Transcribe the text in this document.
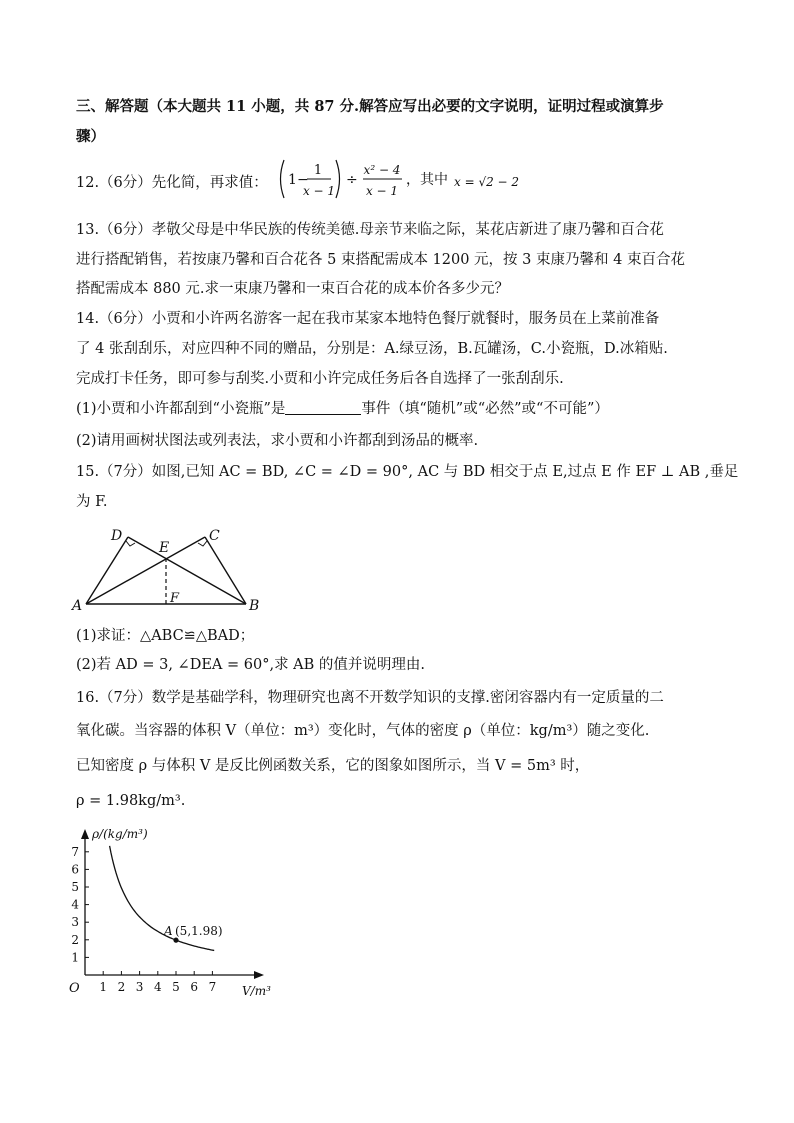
三、解答题（本大题共 11 小题，共 87 分.解答应写出必要的文字说明，证明过程或演算步
骤）
12.（6分）先化简，再求值： 1 −
1
x − 1
÷
x² − 4
x − 1
，其中 x = √2 − 2
13.（6分）孝敬父母是中华民族的传统美德.母亲节来临之际，某花店新进了康乃馨和百合花
进行搭配销售，若按康乃馨和百合花各 5 束搭配需成本 1200 元，按 3 束康乃馨和 4 束百合花
搭配需成本 880 元.求一束康乃馨和一束百合花的成本价各多少元？
14.（6分）小贾和小许两名游客一起在我市某家本地特色餐厅就餐时，服务员在上菜前准备
了 4 张刮刮乐，对应四种不同的赠品，分别是：A.绿豆汤，B.瓦罐汤，C.小瓷瓶，D.冰箱贴.
完成打卡任务，即可参与刮奖.小贾和小许完成任务后各自选择了一张刮刮乐.
(1)小贾和小许都刮到“小瓷瓶”是	事件（填“随机”或“必然”或“不可能”）
(2)请用画树状图法或列表法，求小贾和小许都刮到汤品的概率.
15.（7分）如图,已知 AC = BD, ∠C = ∠D = 90°, AC 与 BD 相交于点 E,过点 E 作 EF ⊥ AB ,垂足
为 F.
A	B
C
D
E
F
(1)求证：△ABC≌△BAD；
(2)若 AD = 3, ∠DEA = 60°,求 AB 的值并说明理由.
16.（7分）数学是基础学科，物理研究也离不开数学知识的支撑.密闭容器内有一定质量的二
氧化碳。当容器的体积 V（单位：m³）变化时，气体的密度 ρ（单位：kg/m³）随之变化.
已知密度 ρ 与体积 V 是反比例函数关系，它的图象如图所示，当 V = 5m³ 时，
ρ = 1.98kg/m³.
ρ/(kg/m³)
V/m³
O 1 2 3 4 5 6 7
1
2
3
4
5
6
7
A (5,1.98)
